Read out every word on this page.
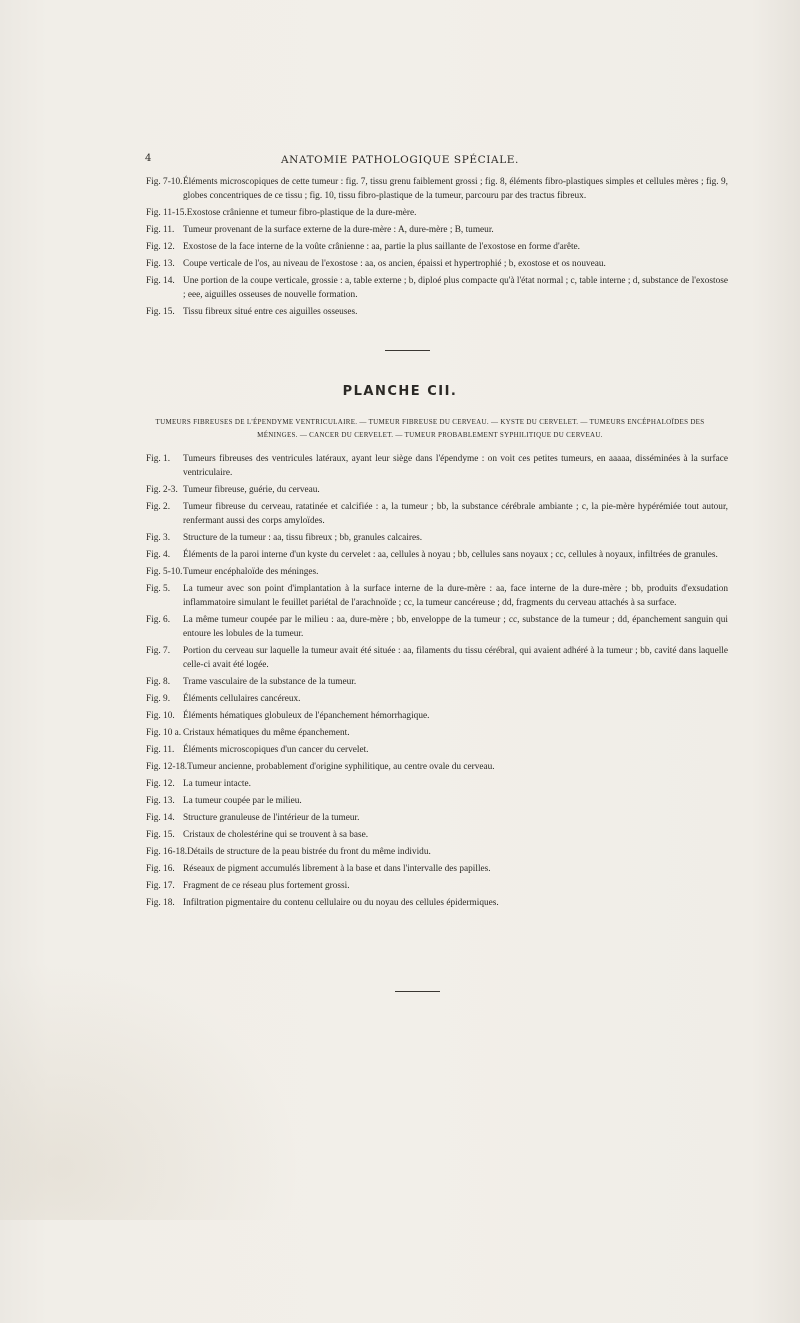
4	ANATOMIE PATHOLOGIQUE SPÉCIALE.
Fig. 7-10. Éléments microscopiques de cette tumeur : fig. 7, tissu grenu faiblement grossi ; fig. 8, éléments fibro-plastiques simples et cellules mères ; fig. 9, globes concentriques de ce tissu ; fig. 10, tissu fibro-plastique de la tumeur, parcouru par des tractus fibreux.
Fig. 11-15. Exostose crânienne et tumeur fibro-plastique de la dure-mère.
Fig. 11. Tumeur provenant de la surface externe de la dure-mère : A, dure-mère ; B, tumeur.
Fig. 12. Exostose de la face interne de la voûte crânienne : aa, partie la plus saillante de l'exostose en forme d'arête.
Fig. 13. Coupe verticale de l'os, au niveau de l'exostose : aa, os ancien, épaissi et hypertrophié ; b, exostose et os nouveau.
Fig. 14. Une portion de la coupe verticale, grossie : a, table externe ; b, diploé plus compacte qu'à l'état normal ; c, table interne ; d, substance de l'exostose ; eee, aiguilles osseuses de nouvelle formation.
Fig. 15. Tissu fibreux situé entre ces aiguilles osseuses.
PLANCHE CII.
TUMEURS FIBREUSES DE L'ÉPENDYME VENTRICULAIRE. — TUMEUR FIBREUSE DU CERVEAU. — KYSTE DU CERVELET. — TUMEURS ENCÉPHALOÏDES DES MÉNINGES. — CANCER DU CERVELET. — TUMEUR PROBABLEMENT SYPHILITIQUE DU CERVEAU.
Fig. 1.	Tumeurs fibreuses des ventricules latéraux, ayant leur siège dans l'épendyme : on voit ces petites tumeurs, en aaaaa, disséminées à la surface ventriculaire.
Fig. 2-3. Tumeur fibreuse, guérie, du cerveau.
Fig. 2.	Tumeur fibreuse du cerveau, ratatinée et calcifiée : a, la tumeur ; bb, la substance cérébrale ambiante ; c, la pie-mère hypérémiée tout autour, renfermant aussi des corps amyloïdes.
Fig. 3.	Structure de la tumeur : aa, tissu fibreux ; bb, granules calcaires.
Fig. 4.	Éléments de la paroi interne d'un kyste du cervelet : aa, cellules à noyau ; bb, cellules sans noyaux ; cc, cellules à noyaux, infiltrées de granules.
Fig. 5-10. Tumeur encéphaloïde des méninges.
Fig. 5.	La tumeur avec son point d'implantation à la surface interne de la dure-mère : aa, face interne de la dure-mère ; bb, produits d'exsudation inflammatoire simulant le feuillet pariétal de l'arachnoïde ; cc, la tumeur cancéreuse ; dd, fragments du cerveau attachés à sa surface.
Fig. 6.	La même tumeur coupée par le milieu : aa, dure-mère ; bb, enveloppe de la tumeur ; cc, substance de la tumeur ; dd, épanchement sanguin qui entoure les lobules de la tumeur.
Fig. 7.	Portion du cerveau sur laquelle la tumeur avait été située : aa, filaments du tissu cérébral, qui avaient adhéré à la tumeur ; bb, cavité dans laquelle celle-ci avait été logée.
Fig. 8.	Trame vasculaire de la substance de la tumeur.
Fig. 9.	Éléments cellulaires cancéreux.
Fig. 10. Éléments hématiques globuleux de l'épanchement hémorrhagique.
Fig. 10 a. Cristaux hématiques du même épanchement.
Fig. 11. Éléments microscopiques d'un cancer du cervelet.
Fig. 12-18. Tumeur ancienne, probablement d'origine syphilitique, au centre ovale du cerveau.
Fig. 12. La tumeur intacte.
Fig. 13. La tumeur coupée par le milieu.
Fig. 14. Structure granuleuse de l'intérieur de la tumeur.
Fig. 15. Cristaux de cholestérine qui se trouvent à sa base.
Fig. 16-18. Détails de structure de la peau bistrée du front du même individu.
Fig. 16. Réseaux de pigment accumulés librement à la base et dans l'intervalle des papilles.
Fig. 17. Fragment de ce réseau plus fortement grossi.
Fig. 18. Infiltration pigmentaire du contenu cellulaire ou du noyau des cellules épidermiques.
